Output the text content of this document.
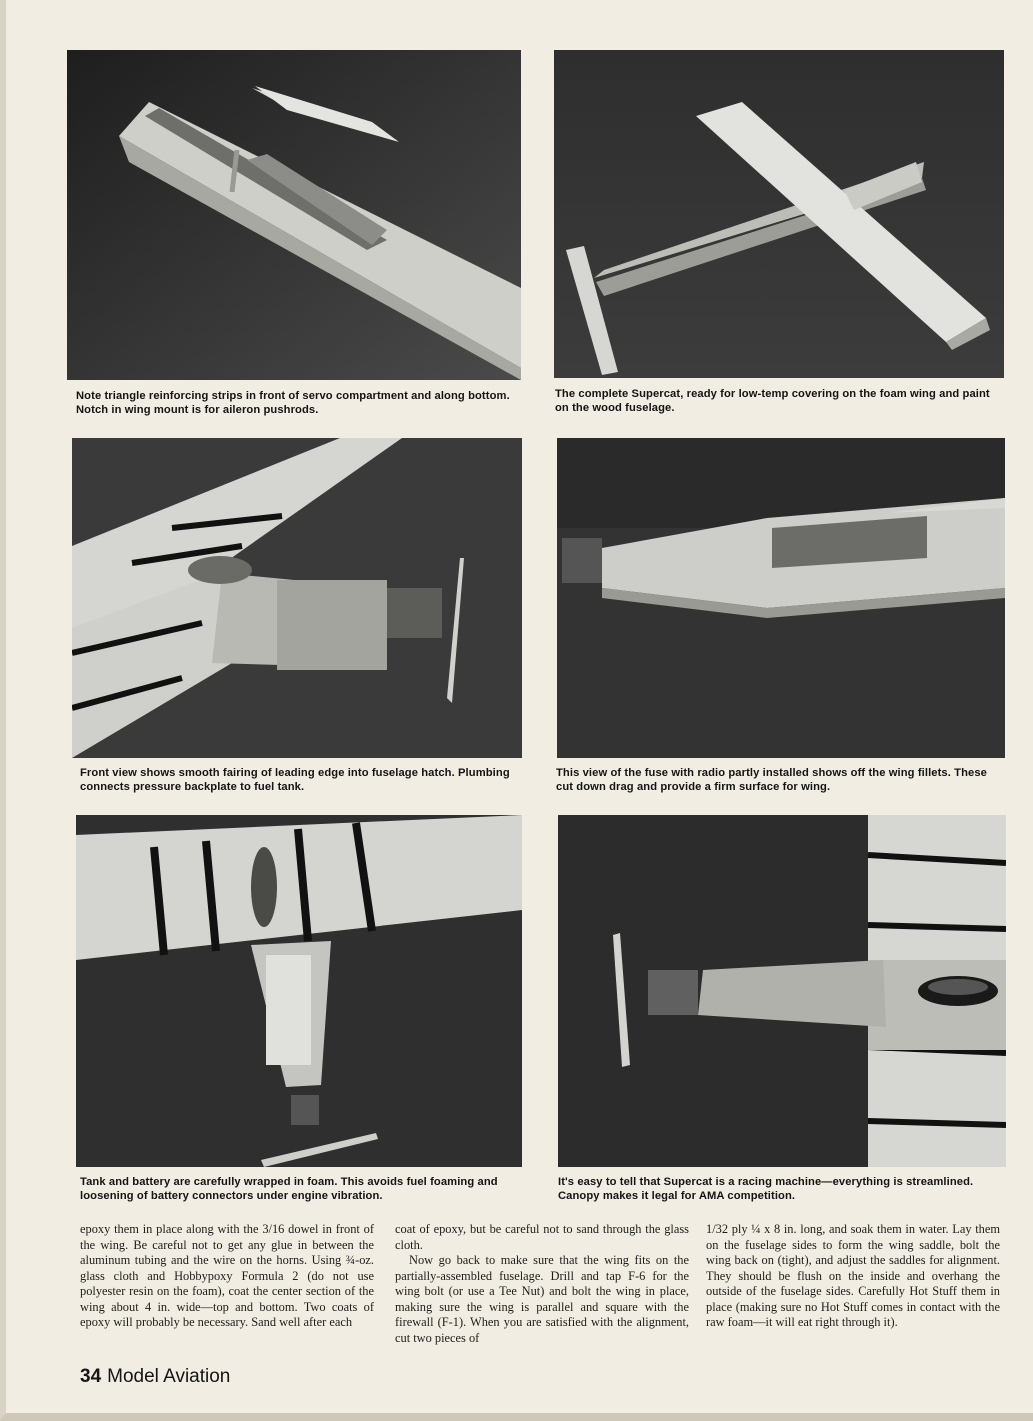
Note triangle reinforcing strips in front of servo compartment and along bottom. Notch in wing mount is for aileron pushrods.
The complete Supercat, ready for low-temp covering on the foam wing and paint on the wood fuselage.
Front view shows smooth fairing of leading edge into fuselage hatch. Plumbing connects pressure backplate to fuel tank.
This view of the fuse with radio partly installed shows off the wing fillets. These cut down drag and provide a firm surface for wing.
Tank and battery are carefully wrapped in foam. This avoids fuel foaming and loosening of battery connectors under engine vibration.
It's easy to tell that Supercat is a racing machine—everything is streamlined. Canopy makes it legal for AMA competition.

epoxy them in place along with the 3/16 dowel in front of the wing. Be careful not to get any glue in between the aluminum tubing and the wire on the horns. Using ¾-oz. glass cloth and Hobbypoxy Formula 2 (do not use polyester resin on the foam), coat the center section of the wing about 4 in. wide—top and bottom. Two coats of epoxy will probably be necessary. Sand well after each

coat of epoxy, but be careful not to sand through the glass cloth.

Now go back to make sure that the wing fits on the partially-assembled fuselage. Drill and tap F-6 for the wing bolt (or use a Tee Nut) and bolt the wing in place, making sure the wing is parallel and square with the firewall (F-1). When you are satisfied with the alignment, cut two pieces of

1/32 ply ¼ x 8 in. long, and soak them in water. Lay them on the fuselage sides to form the wing saddle, bolt the wing back on (tight), and adjust the saddles for alignment. They should be flush on the inside and overhang the outside of the fuselage sides. Carefully Hot Stuff them in place (making sure no Hot Stuff comes in contact with the raw foam—it will eat right through it).

34 Model Aviation
